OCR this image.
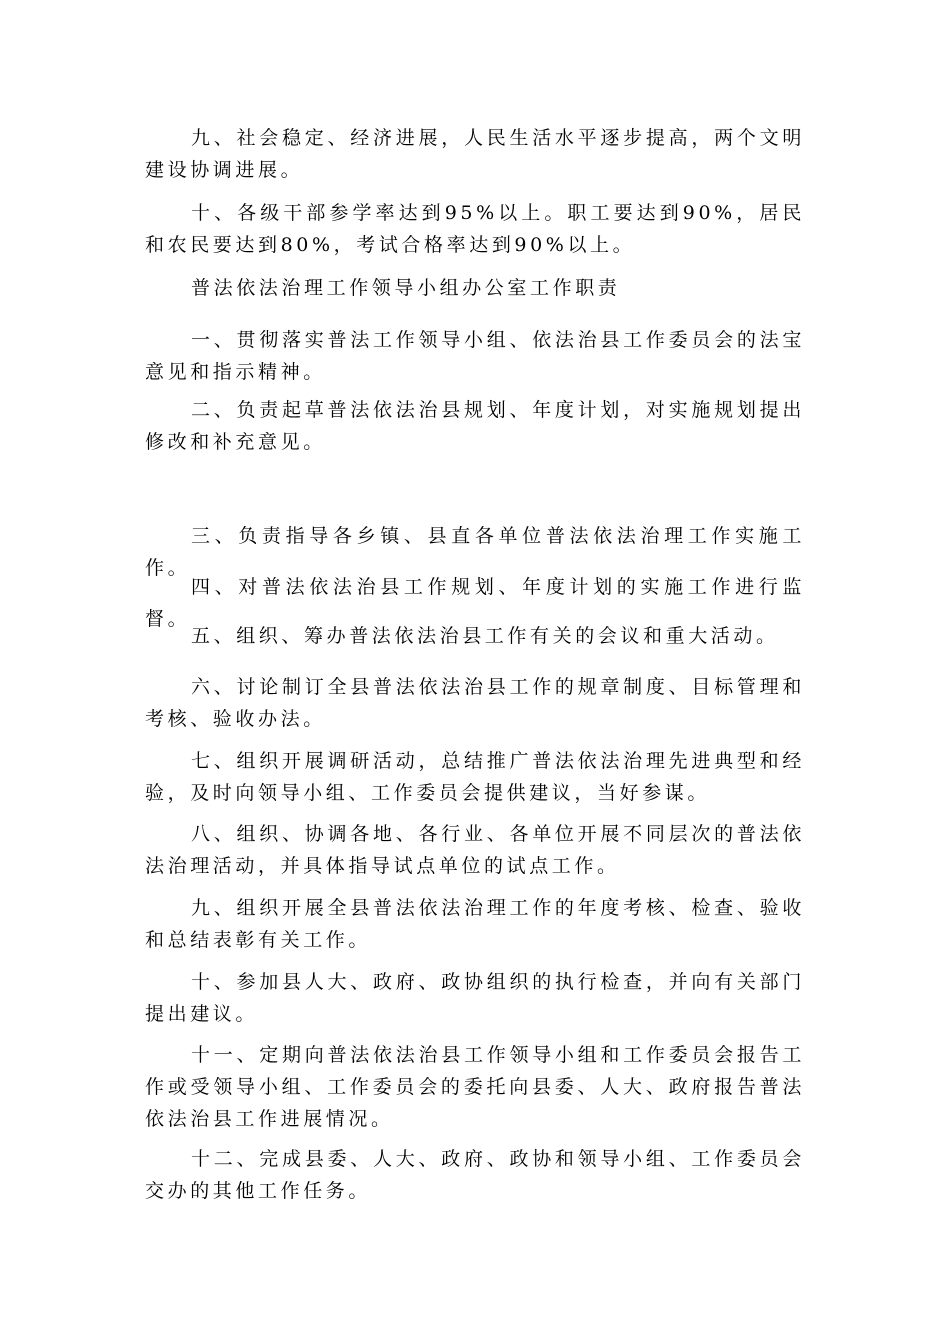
九、社会稳定、经济进展，人民生活水平逐步提高，两个文明建设协调进展。

十、各级干部参学率达到95%以上。职工要达到90%，居民和农民要达到80%，考试合格率达到90%以上。

普法依法治理工作领导小组办公室工作职责

一、贯彻落实普法工作领导小组、依法治县工作委员会的法宝意见和指示精神。

二、负责起草普法依法治县规划、年度计划，对实施规划提出修改和补充意见。

三、负责指导各乡镇、县直各单位普法依法治理工作实施工作。

四、对普法依法治县工作规划、年度计划的实施工作进行监督。

五、组织、筹办普法依法治县工作有关的会议和重大活动。

六、讨论制订全县普法依法治县工作的规章制度、目标管理和考核、验收办法。

七、组织开展调研活动，总结推广普法依法治理先进典型和经验，及时向领导小组、工作委员会提供建议，当好参谋。

八、组织、协调各地、各行业、各单位开展不同层次的普法依法治理活动，并具体指导试点单位的试点工作。

九、组织开展全县普法依法治理工作的年度考核、检查、验收和总结表彰有关工作。

十、参加县人大、政府、政协组织的执行检查，并向有关部门提出建议。

十一、定期向普法依法治县工作领导小组和工作委员会报告工作或受领导小组、工作委员会的委托向县委、人大、政府报告普法依法治县工作进展情况。

十二、完成县委、人大、政府、政协和领导小组、工作委员会交办的其他工作任务。
